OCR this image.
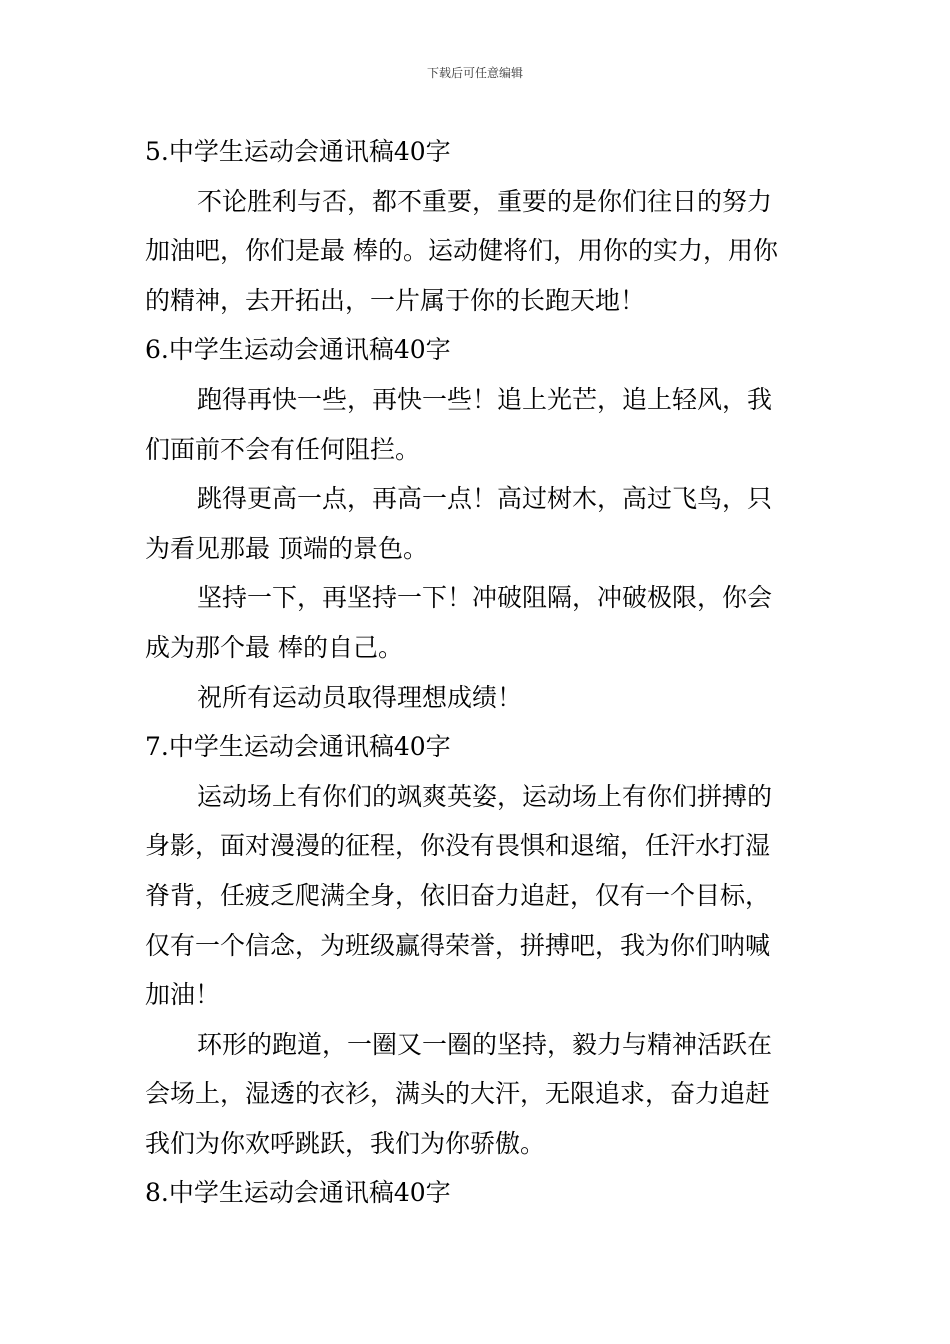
下载后可任意编辑
5.中学生运动会通讯稿40字
不论胜利与否，都不重要，重要的是你们往日的努力
加油吧，你们是最 棒的。运动健将们，用你的实力，用你
的精神，去开拓出，一片属于你的长跑天地！
6.中学生运动会通讯稿40字
跑得再快一些，再快一些！追上光芒，追上轻风，我
们面前不会有任何阻拦。
跳得更高一点，再高一点！高过树木，高过飞鸟，只
为看见那最 顶端的景色。
坚持一下，再坚持一下！冲破阻隔，冲破极限，你会
成为那个最 棒的自己。
祝所有运动员取得理想成绩！
7.中学生运动会通讯稿40字
运动场上有你们的飒爽英姿，运动场上有你们拼搏的
身影，面对漫漫的征程，你没有畏惧和退缩，任汗水打湿
脊背，任疲乏爬满全身，依旧奋力追赶，仅有一个目标，
仅有一个信念，为班级赢得荣誉，拼搏吧，我为你们呐喊
加油！
环形的跑道，一圈又一圈的坚持，毅力与精神活跃在
会场上，湿透的衣衫，满头的大汗，无限追求，奋力追赶
我们为你欢呼跳跃，我们为你骄傲。
8.中学生运动会通讯稿40字
